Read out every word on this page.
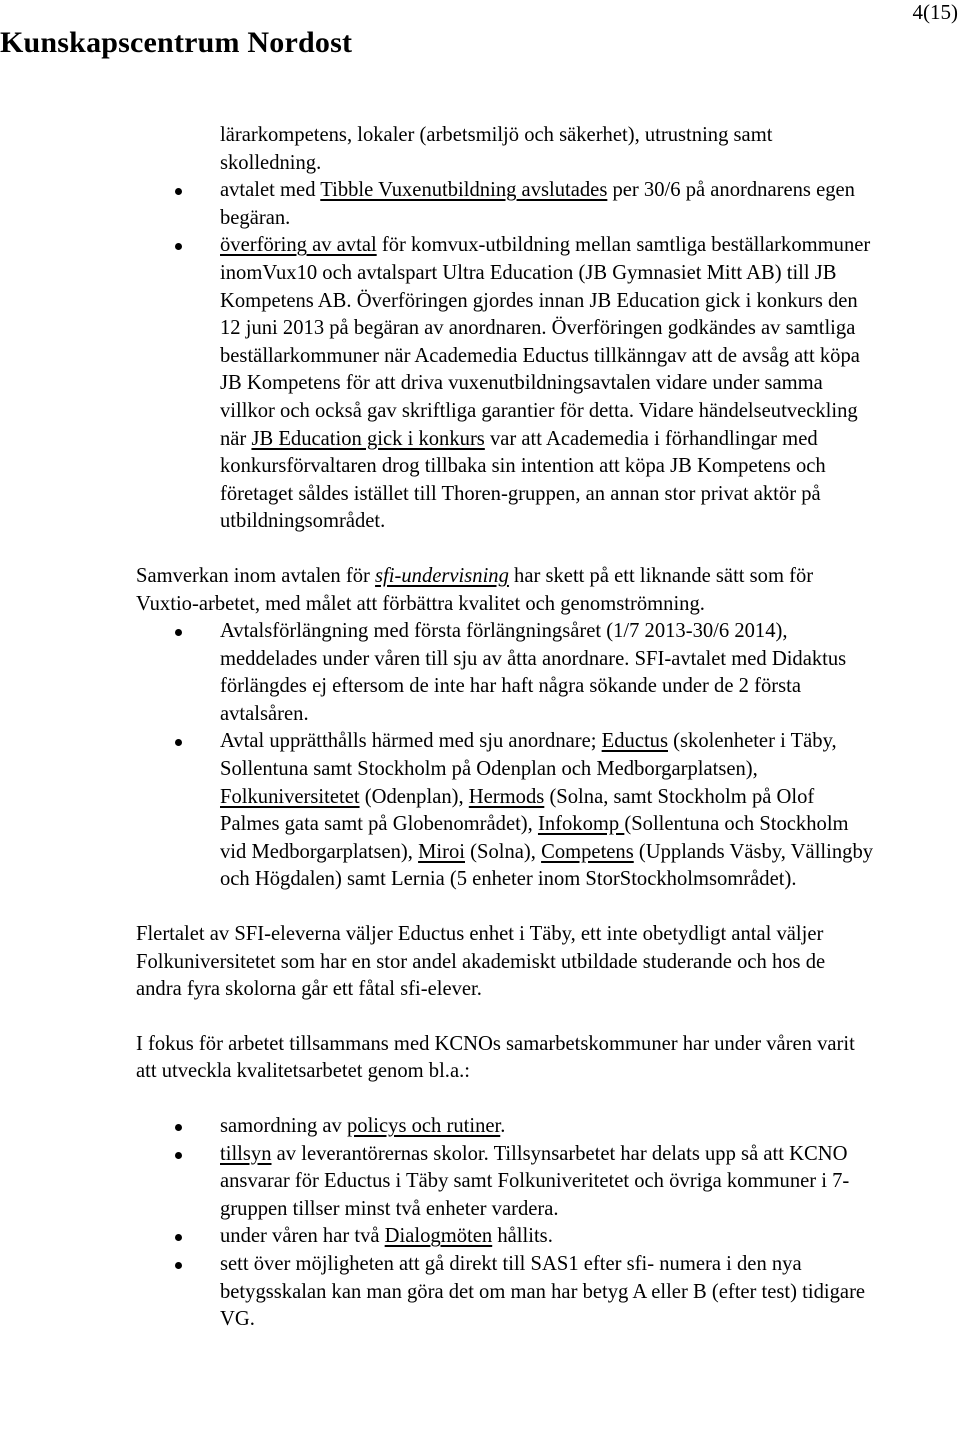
Kunskapscentrum Nordost
4(15)
lärarkompetens, lokaler (arbetsmiljö och säkerhet), utrustning samt skolledning.
avtalet med Tibble Vuxenutbildning avslutades per 30/6 på anordnarens egen begäran.
överföring av avtal för komvux-utbildning mellan samtliga beställarkommuner inomVux10 och avtalspart Ultra Education (JB Gymnasiet Mitt AB) till JB Kompetens AB. Överföringen gjordes innan JB Education gick i konkurs den 12 juni 2013 på begäran av anordnaren. Överföringen godkändes av samtliga beställarkommuner när Academedia Eductus tillkänngav att de avsåg att köpa JB Kompetens för att driva vuxenutbildningsavtalen vidare under samma villkor och också gav skriftliga garantier för detta. Vidare händelseutveckling när JB Education gick i konkurs var att Academedia i förhandlingar med konkursförvaltaren drog tillbaka sin intention att köpa JB Kompetens och företaget såldes istället till Thoren-gruppen, an annan stor privat aktör på utbildningsområdet.

Samverkan inom avtalen för sfi-undervisning har skett på ett liknande sätt som för Vuxtio-arbetet, med målet att förbättra kvalitet och genomströmning.

Avtalsförlängning med första förlängningsåret (1/7 2013-30/6 2014), meddelades under våren till sju av åtta anordnare. SFI-avtalet med Didaktus förlängdes ej eftersom de inte har haft några sökande under de 2 första avtalsåren.
Avtal upprätthålls härmed med sju anordnare; Eductus (skolenheter i Täby, Sollentuna samt Stockholm på Odenplan och Medborgarplatsen), Folkuniversitetet (Odenplan), Hermods (Solna, samt Stockholm på Olof Palmes gata samt på Globenområdet), Infokomp (Sollentuna och Stockholm vid Medborgarplatsen), Miroi (Solna), Competens (Upplands Väsby, Vällingby och Högdalen) samt Lernia (5 enheter inom StorStockholmsområdet).

Flertalet av SFI-eleverna väljer Eductus enhet i Täby, ett inte obetydligt antal väljer Folkuniversitetet som har en stor andel akademiskt utbildade studerande och hos de andra fyra skolorna går ett fåtal sfi-elever.

I fokus för arbetet tillsammans med KCNOs samarbetskommuner har under våren varit att utveckla kvalitetsarbetet genom bl.a.:

samordning av policys och rutiner.
tillsyn av leverantörernas skolor. Tillsynsarbetet har delats upp så att KCNO ansvarar för Eductus i Täby samt Folkuniveritetet och övriga kommuner i 7-gruppen tillser minst två enheter vardera.
under våren har två Dialogmöten hållits.
sett över möjligheten att gå direkt till SAS1 efter sfi- numera i den nya betygsskalan kan man göra det om man har betyg A eller B (efter test) tidigare VG.
